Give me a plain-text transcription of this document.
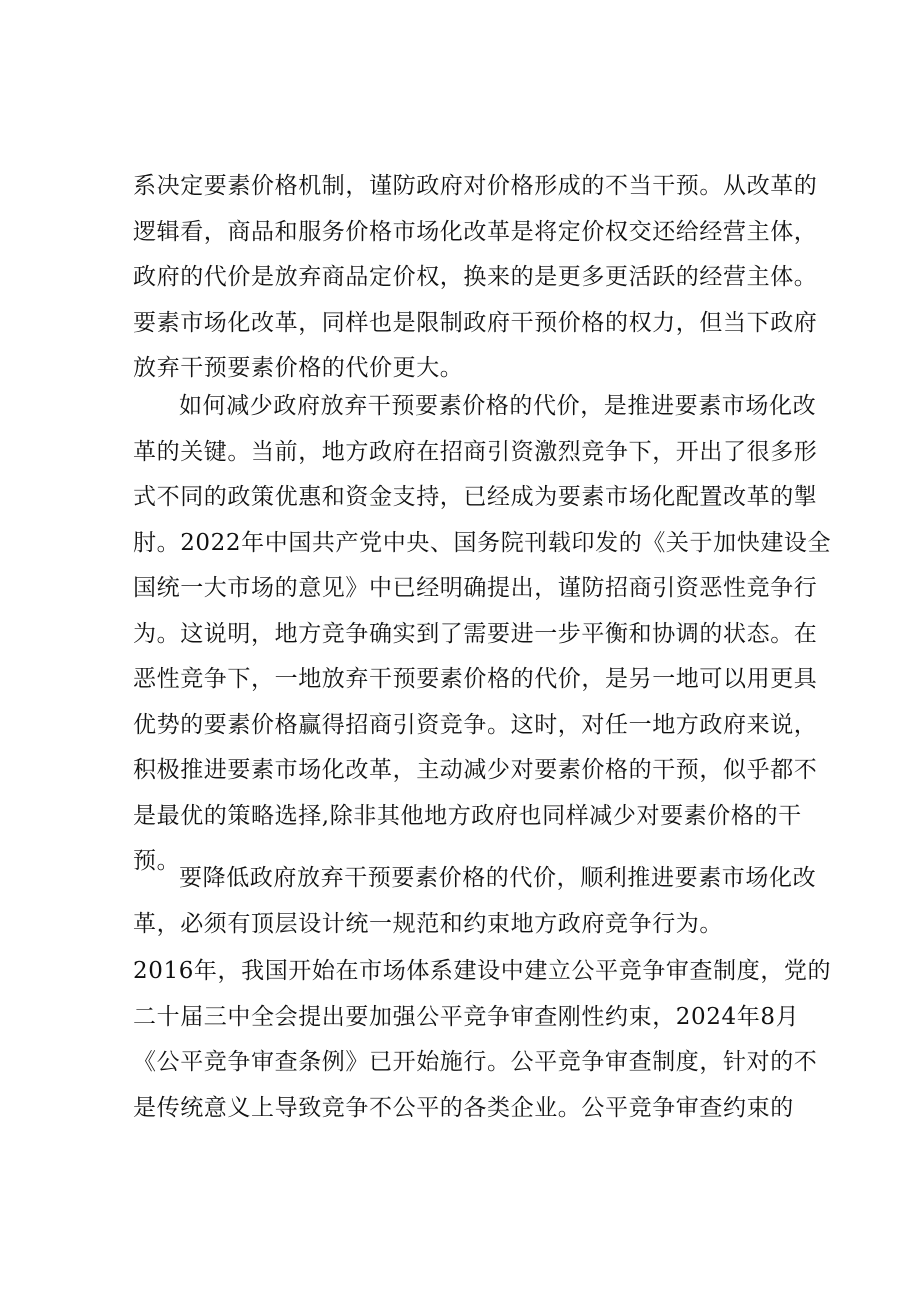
系决定要素价格机制，谨防政府对价格形成的不当干预。从改革的
逻辑看，商品和服务价格市场化改革是将定价权交还给经营主体，
政府的代价是放弃商品定价权，换来的是更多更活跃的经营主体。
要素市场化改革，同样也是限制政府干预价格的权力，但当下政府
放弃干预要素价格的代价更大。
如何减少政府放弃干预要素价格的代价，是推进要素市场化改
革的关键。当前，地方政府在招商引资激烈竞争下，开出了很多形
式不同的政策优惠和资金支持，已经成为要素市场化配置改革的掣
肘。2022年中国共产党中央、国务院刊载印发的《关于加快建设全
国统一大市场的意见》中已经明确提出，谨防招商引资恶性竞争行
为。这说明，地方竞争确实到了需要进一步平衡和协调的状态。在
恶性竞争下，一地放弃干预要素价格的代价，是另一地可以用更具
优势的要素价格赢得招商引资竞争。这时，对任一地方政府来说，
积极推进要素市场化改革，主动减少对要素价格的干预，似乎都不
是最优的策略选择,除非其他地方政府也同样减少对要素价格的干
预。
要降低政府放弃干预要素价格的代价，顺利推进要素市场化改
革，必须有顶层设计统一规范和约束地方政府竞争行为。
2016年，我国开始在市场体系建设中建立公平竞争审查制度，党的
二十届三中全会提出要加强公平竞争审查刚性约束，2024年8月
《公平竞争审查条例》已开始施行。公平竞争审查制度，针对的不
是传统意义上导致竞争不公平的各类企业。公平竞争审查约束的
